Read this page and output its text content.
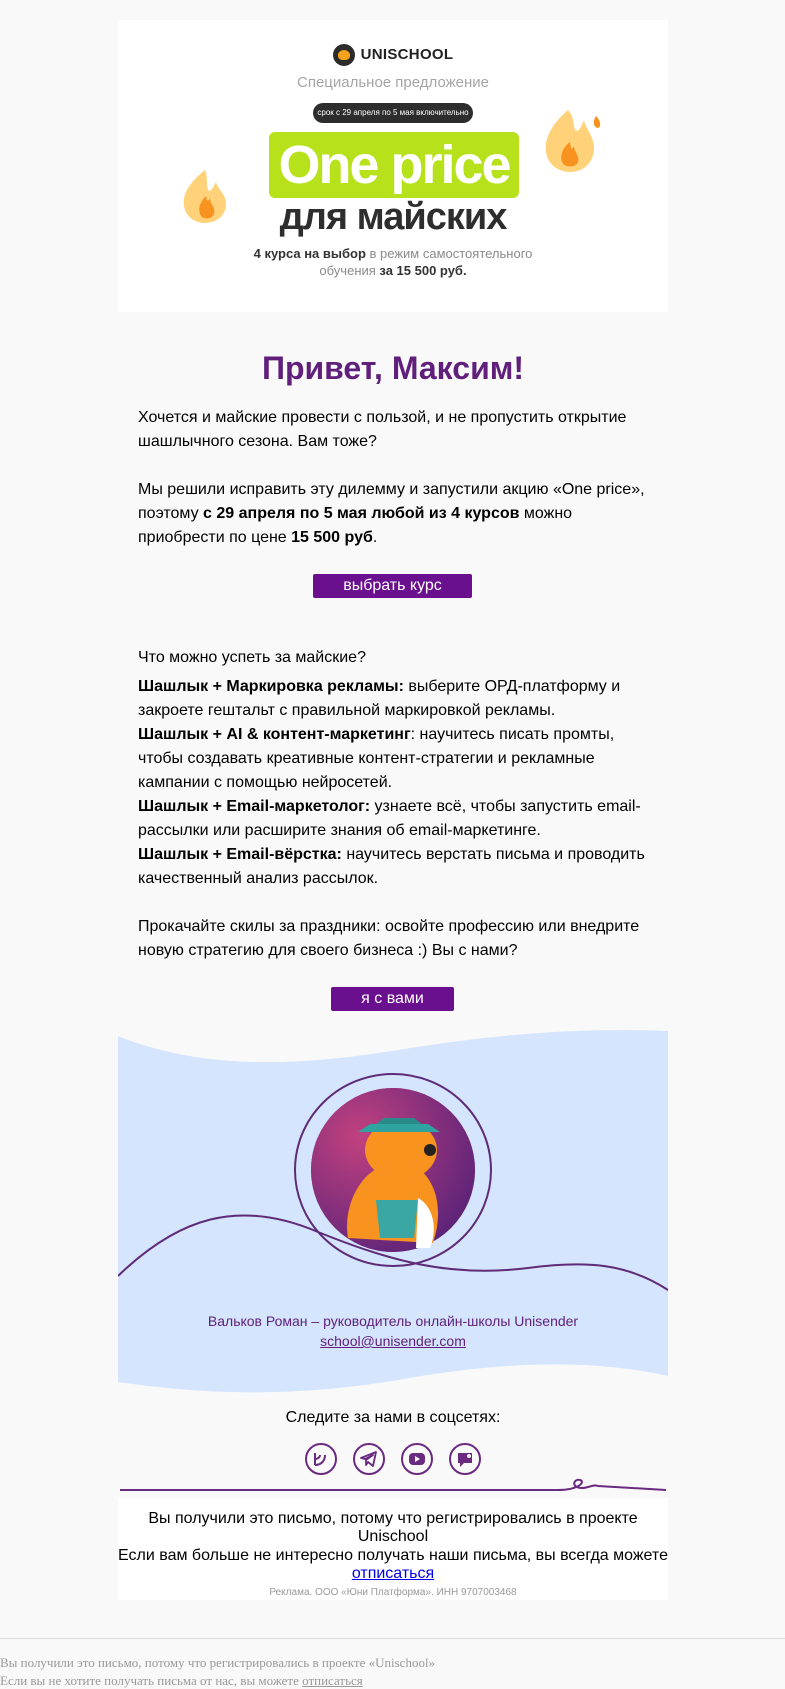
UNISCHOOL
Специальное предложение
срок с 29 апреля по 5 мая включительно
One price
для майских
4 курса на выбор в режим самостоятельного
обучения за 15 500 руб.
Привет, Максим!
Хочется и майские провести с пользой, и не пропустить открытие шашлычного сезона. Вам тоже?
Мы решили исправить эту дилемму и запустили акцию «One price», поэтому с 29 апреля по 5 мая любой из 4 курсов можно приобрести по цене 15 500 руб.
выбрать курс
Что можно успеть за майские?
Шашлык + Маркировка рекламы: выберите ОРД-платформу и закроете гештальт с правильной маркировкой рекламы.
Шашлык + AI & контент-маркетинг: научитесь писать промты, чтобы создавать креативные контент-стратегии и рекламные кампании с помощью нейросетей.
Шашлык + Email-маркетолог: узнаете всё, чтобы запустить email-рассылки или расширите знания об email-маркетинге.
Шашлык + Email-вёрстка: научитесь верстать письма и проводить качественный анализ рассылок.
Прокачайте скилы за праздники: освойте профессию или внедрите новую стратегию для своего бизнеса :) Вы с нами?
я с вами
Вальков Роман – руководитель онлайн-школы Unisender
school@unisender.com
Следите за нами в соцсетях:
Вы получили это письмо, потому что регистрировались в проекте Unischool
Если вам больше не интересно получать наши письма, вы всегда можете
отписаться
Реклама. ООО «Юни Платформа». ИНН 9707003468
Вы получили это письмо, потому что регистрировались в проекте «Unischool»
Если вы не хотите получать письма от нас, вы можете отписаться
